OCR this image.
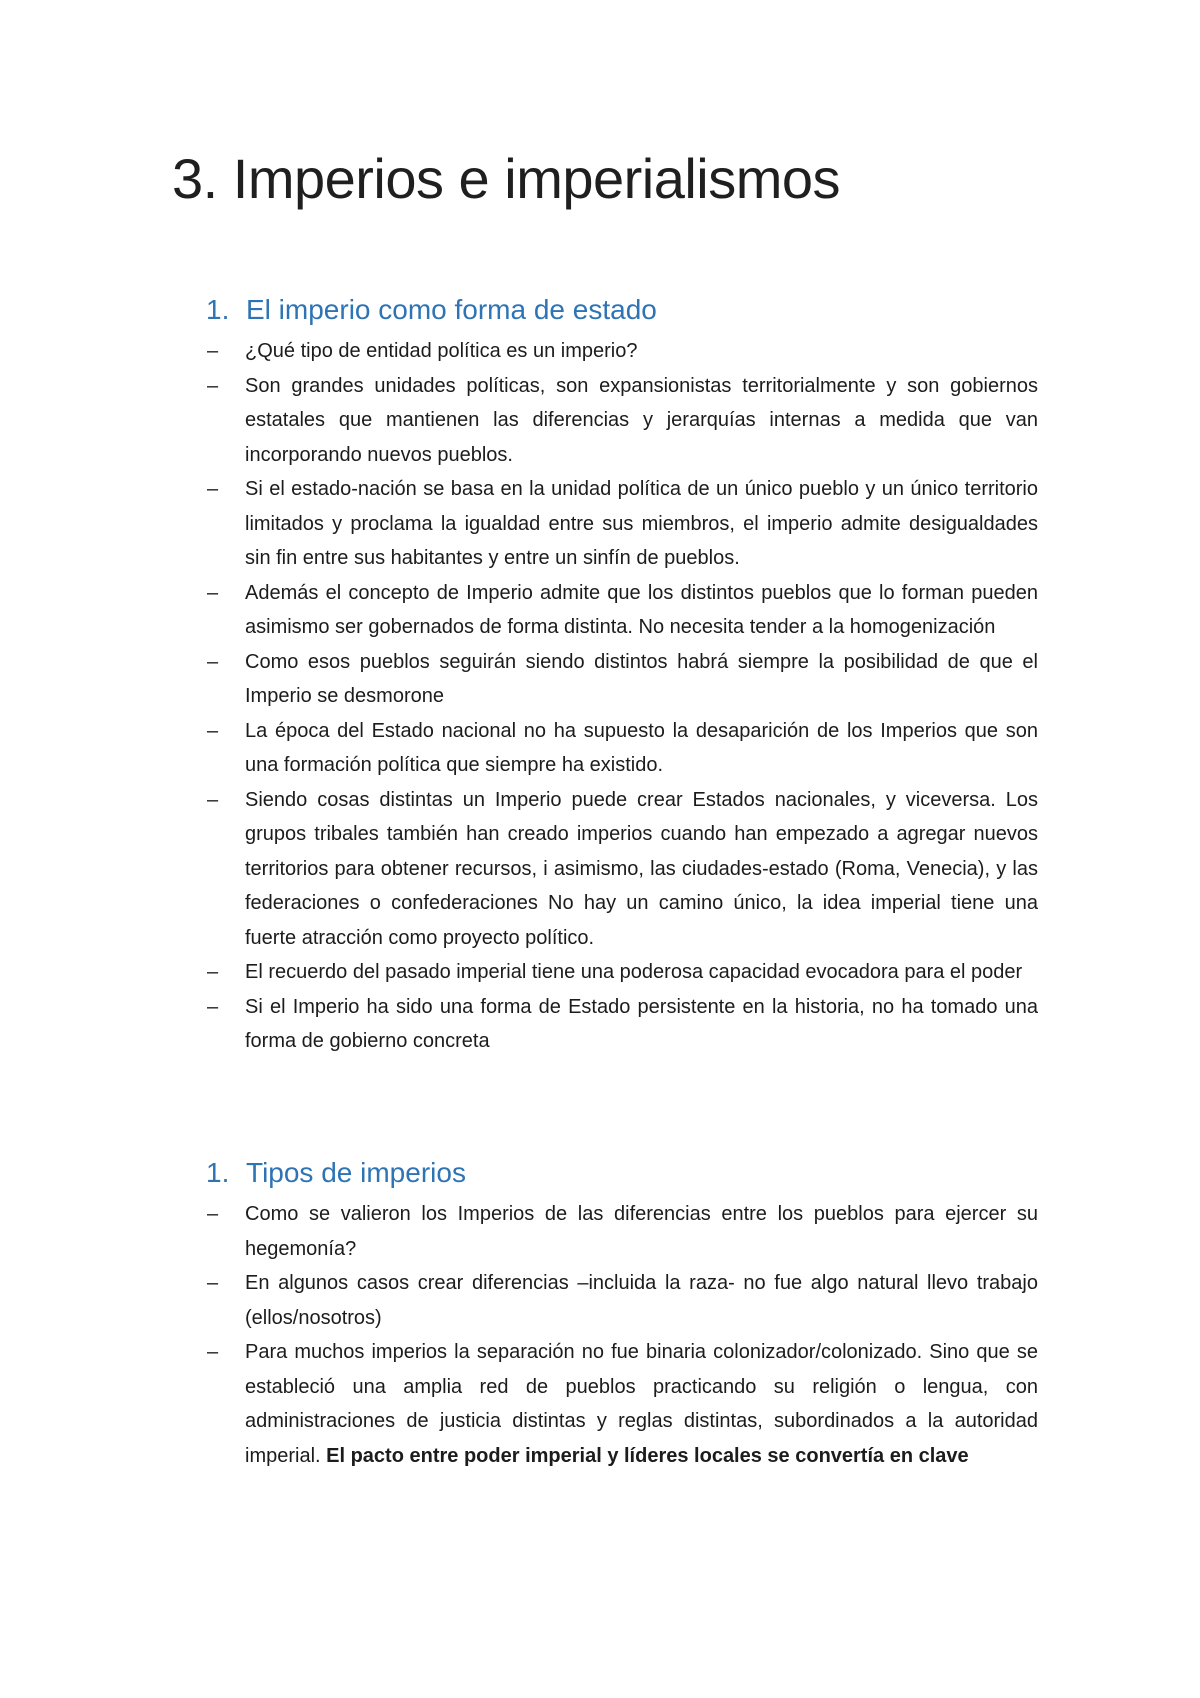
3. Imperios e imperialismos
1. El imperio como forma de estado
–	¿Qué tipo de entidad política es un imperio?
–	Son grandes unidades políticas, son expansionistas territorialmente y son gobiernos estatales que mantienen las diferencias y jerarquías internas a medida que van incorporando nuevos pueblos.
–	Si el estado-nación se basa en la unidad política de un único pueblo y un único territorio limitados y proclama la igualdad entre sus miembros, el imperio admite desigualdades sin fin entre sus habitantes y entre un sinfín de pueblos.
–	Además el concepto de Imperio admite que los distintos pueblos que lo forman pueden asimismo ser gobernados de forma distinta. No necesita tender a la homogenización
–	Como esos pueblos seguirán siendo distintos habrá siempre la posibilidad de que el Imperio se desmorone
–	La época del Estado nacional no ha supuesto la desaparición de los Imperios que son una formación política que siempre ha existido.
–	Siendo cosas distintas un Imperio puede crear Estados nacionales, y viceversa. Los grupos tribales también han creado imperios cuando han empezado a agregar nuevos territorios para obtener recursos, i asimismo, las ciudades-estado (Roma, Venecia), y las federaciones o confederaciones No hay un camino único, la idea imperial tiene una fuerte atracción como proyecto político.
–	El recuerdo del pasado imperial tiene una poderosa capacidad evocadora para el poder
–	Si el Imperio ha sido una forma de Estado persistente en la historia, no ha tomado una forma de gobierno concreta
1. Tipos de imperios
–	Como se valieron los Imperios de las diferencias entre los pueblos para ejercer su hegemonía?
–	En algunos casos crear diferencias –incluida la raza- no fue algo natural llevo trabajo (ellos/nosotros)
–	Para muchos imperios la separación no fue binaria colonizador/colonizado. Sino que se estableció una amplia red de pueblos practicando su religión o lengua, con administraciones de justicia distintas y reglas distintas, subordinados a la autoridad imperial. El pacto entre poder imperial y líderes locales se convertía en clave
